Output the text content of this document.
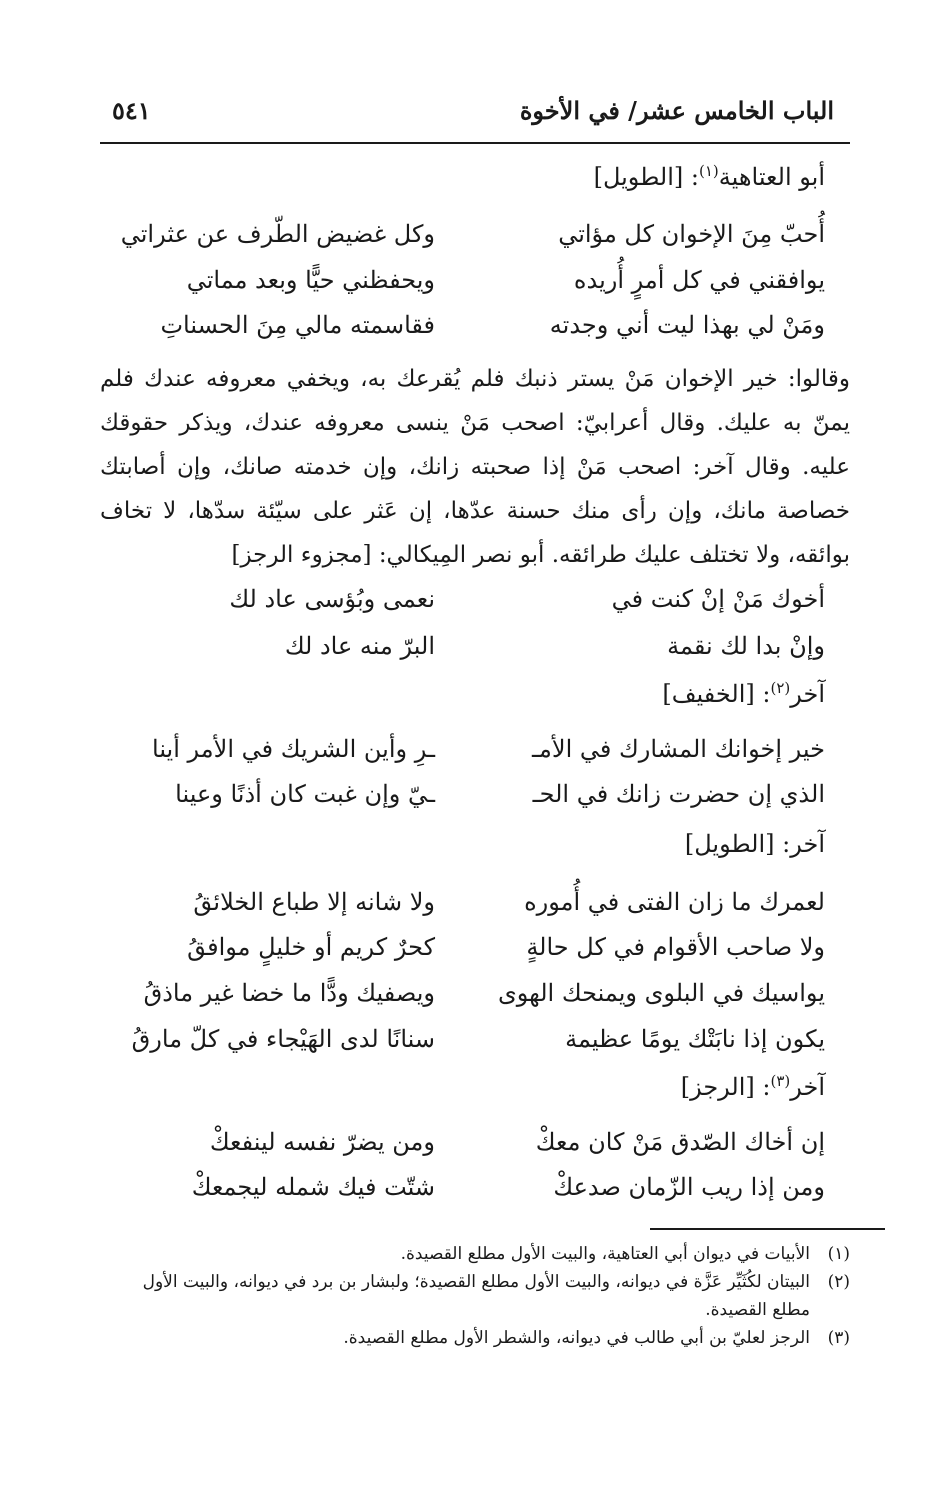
الباب الخامس عشر/ في الأخوة
٥٤١
أبو العتاهية$^{(١)}$: [الطويل]
أُحبّ مِنَ الإخوان كل مؤاتي
وكل غضيض الطّرف عن عثراتي
يوافقني في كل أمرٍ أُريده
ويحفظني حيًّا وبعد مماتي
ومَنْ لي بهذا ليت أني وجدته
فقاسمته مالي مِنَ الحسناتِ
وقالوا: خير الإخوان مَنْ يستر ذنبك فلم يُقرعك به، ويخفي معروفه عندك فلم يمنّ به عليك. وقال أعرابيّ: اصحب مَنْ ينسى معروفه عندك، ويذكر حقوقك عليه. وقال آخر: اصحب مَنْ إذا صحبته زانك، وإن خدمته صانك، وإن أصابتك خصاصة مانك، وإن رأى منك حسنة عدّها، إن عَثر على سيّئة سدّها، لا تخاف بوائقه، ولا تختلف عليك طرائقه. أبو نصر المِيكالي: [مجزوء الرجز]
أخوك مَنْ إنْ كنت في
نعمى وبُؤسى عاد لك
وإنْ بدا لك نقمة
البرّ منه عاد لك
آخر$^{(٢)}$: [الخفيف]
خير إخوانك المشارك في الأمـ
ـرِ وأين الشريك في الأمر أينا
الذي إن حضرت زانك في الحـ
ـيّ وإن غبت كان أذنًا وعينا
آخر: [الطويل]
لعمرك ما زان الفتى في أُموره
ولا شانه إلا طباع الخلائقُ
ولا صاحب الأقوام في كل حالةٍ
كحرٌ كريم أو خليلٍ موافقُ
يواسيك في البلوى ويمنحك الهوى
ويصفيك ودًّا ما خضا غير ماذقُ
يكون إذا نابَتْك يومًا عظيمة
سنانًا لدى الهَيْجاء في كلّ مارقُ
آخر$^{(٣)}$: [الرجز]
إن أخاك الصّدق مَنْ كان معكْ
ومن يضرّ نفسه لينفعكْ
ومن إذا ريب الزّمان صدعكْ
شتّت فيك شمله ليجمعكْ
(١)
الأبيات في ديوان أبي العتاهية، والبيت الأول مطلع القصيدة.
(٢)
البيتان لكُثَيِّر عَزَّة في ديوانه، والبيت الأول مطلع القصيدة؛ ولبشار بن برد في ديوانه، والبيت الأول مطلع القصيدة.
(٣)
الرجز لعليّ بن أبي طالب في ديوانه، والشطر الأول مطلع القصيدة.
